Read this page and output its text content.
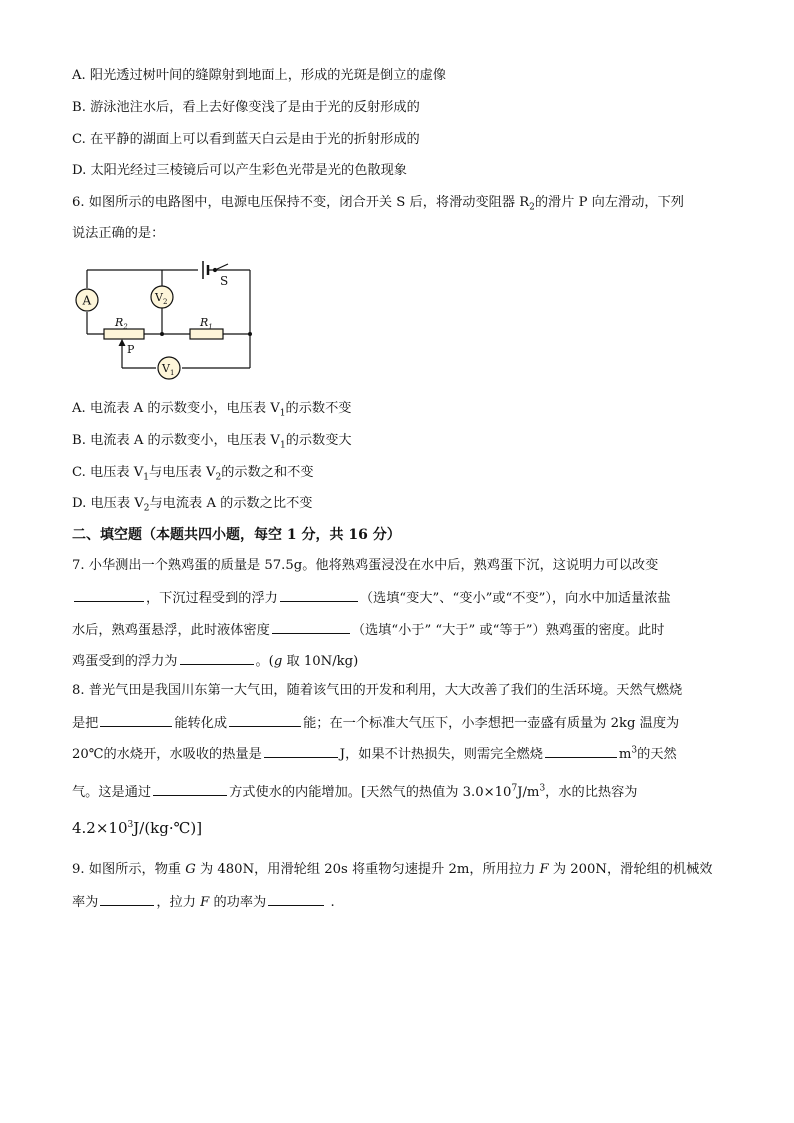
A. 阳光透过树叶间的缝隙射到地面上，形成的光斑是倒立的虚像
B. 游泳池注水后，看上去好像变浅了是由于光的反射形成的
C. 在平静的湖面上可以看到蓝天白云是由于光的折射形成的
D. 太阳光经过三棱镜后可以产生彩色光带是光的色散现象
6. 如图所示的电路图中，电源电压保持不变，闭合开关 S 后，将滑动变阻器 $R_2$的滑片 P 向左滑动，下列
说法正确的是：
S
A	$V_2$
$R_2$	$R_1$
P
$V_1$
A. 电流表 A 的示数变小，电压表 $V_1$的示数不变
B. 电流表 A 的示数变小，电压表 $V_1$的示数变大
C. 电压表 $V_1$与电压表 $V_2$的示数之和不变
D. 电压表 $V_2$与电流表 A 的示数之比不变
二、填空题（本题共四小题，每空 1 分，共 16 分）
7. 小华测出一个熟鸡蛋的质量是 57.5g。他将熟鸡蛋浸没在水中后，熟鸡蛋下沉，这说明力可以改变
，下沉过程受到的浮力	（选填“变大”、“变小”或“不变”），向水中加适量浓盐
水后，熟鸡蛋悬浮，此时液体密度	（选填“小于” “大于” 或“等于”）熟鸡蛋的密度。此时
鸡蛋受到的浮力为	。(g 取 10N/kg)
8. 普光气田是我国川东第一大气田，随着该气田的开发和利用，大大改善了我们的生活环境。天然气燃烧
是把	能转化成	能；在一个标准大气压下，小李想把一壶盛有质量为 2kg 温度为
20℃的水烧开，水吸收的热量是	J，如果不计热损失，则需完全燃烧	$m^3$的天然
气。这是通过	方式使水的内能增加。[天然气的热值为 $3.0\times 10^7J/m^3$，水的比热容为
$4.2\times 10^3J/(kg\cdot℃)$]
9. 如图所示，物重 G 为 480N，用滑轮组 20s 将重物匀速提升 2m，所用拉力 F 为 200N，滑轮组的机械效
率为	，拉力 F 的功率为	.
